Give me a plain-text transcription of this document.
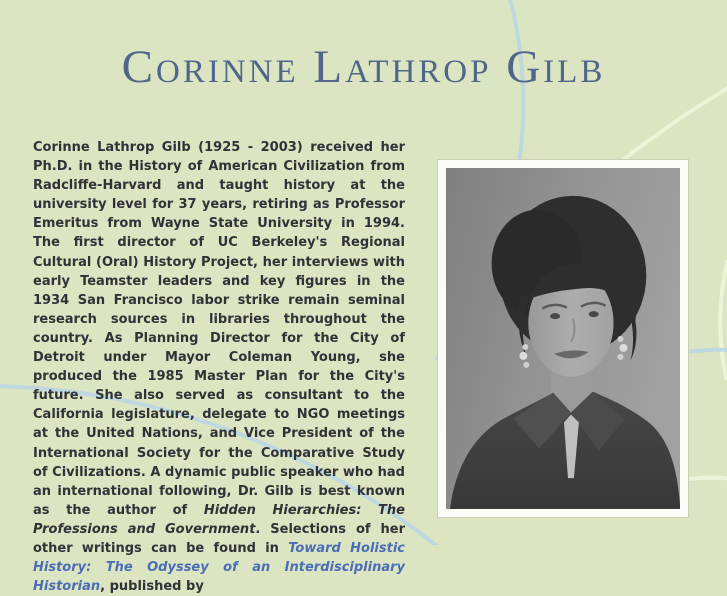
Corinne Lathrop Gilb

Corinne Lathrop Gilb (1925 - 2003) received her Ph.D. in the History of American Civilization from Radcliffe-Harvard and taught history at the university level for 37 years, retiring as Professor Emeritus from Wayne State University in 1994. The first director of UC Berkeley's Regional Cultural (Oral) History Project, her interviews with early Teamster leaders and key figures in the 1934 San Francisco labor strike remain seminal research sources in libraries throughout the country. As Planning Director for the City of Detroit under Mayor Coleman Young, she produced the 1985 Master Plan for the City's future. She also served as consultant to the California legislature, delegate to NGO meetings at the United Nations, and Vice President of the International Society for the Comparative Study of Civilizations. A dynamic public speaker who had an international following, Dr. Gilb is best known as the author of Hidden Hierarchies: The Professions and Government. Selections of her other writings can be found in Toward Holistic History: The Odyssey of an Interdisciplinary Historian, published by
